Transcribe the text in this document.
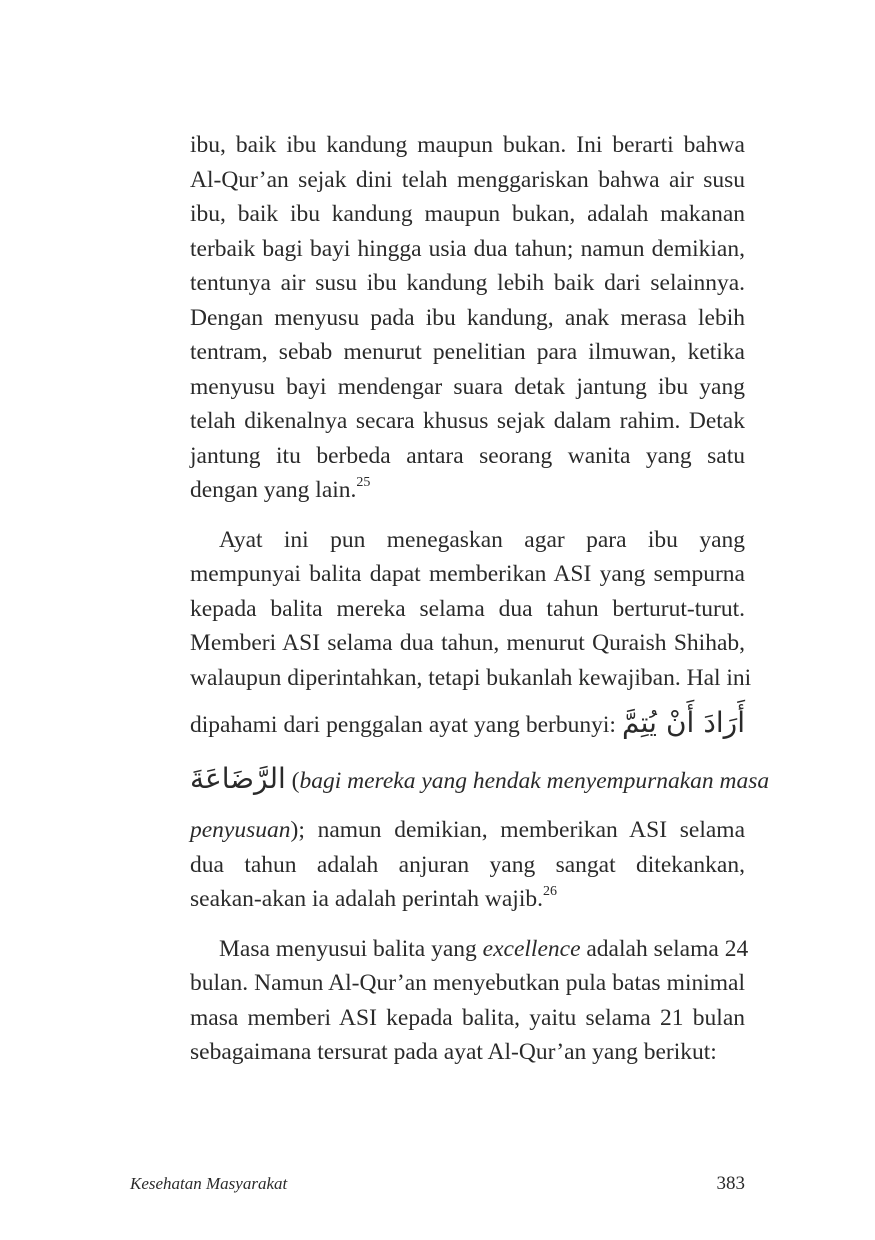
ibu, baik ibu kandung maupun bukan. Ini berarti bahwa
Al-Qur’an sejak dini telah menggariskan bahwa air susu
ibu, baik ibu kandung maupun bukan, adalah makanan
terbaik bagi bayi hingga usia dua tahun; namun demikian,
tentunya air susu ibu kandung lebih baik dari selainnya.
Dengan menyusu pada ibu kandung, anak merasa lebih
tentram, sebab menurut penelitian para ilmuwan, ketika
menyusu bayi mendengar suara detak jantung ibu yang
telah dikenalnya secara khusus sejak dalam rahim. Detak
jantung itu berbeda antara seorang wanita yang satu
dengan yang lain.$^{25}$
Ayat ini pun menegaskan agar para ibu yang
mempunyai balita dapat memberikan ASI yang sempurna
kepada balita mereka selama dua tahun berturut-turut.
Memberi ASI selama dua tahun, menurut Quraish Shihab,
walaupun diperintahkan, tetapi bukanlah kewajiban. Hal ini
dipahami dari penggalan ayat yang berbunyi: أَرَادَ أَنْ يُتِمَّ
الرَّضَاعَةَ (bagi mereka yang hendak menyempurnakan masa
penyusuan); namun demikian, memberikan ASI selama
dua tahun adalah anjuran yang sangat ditekankan,
seakan-akan ia adalah perintah wajib.$^{26}$
Masa menyusui balita yang excellence adalah selama 24
bulan. Namun Al-Qur’an menyebutkan pula batas minimal
masa memberi ASI kepada balita, yaitu selama 21 bulan
sebagaimana tersurat pada ayat Al-Qur’an yang berikut:
Kesehatan Masyarakat	383
